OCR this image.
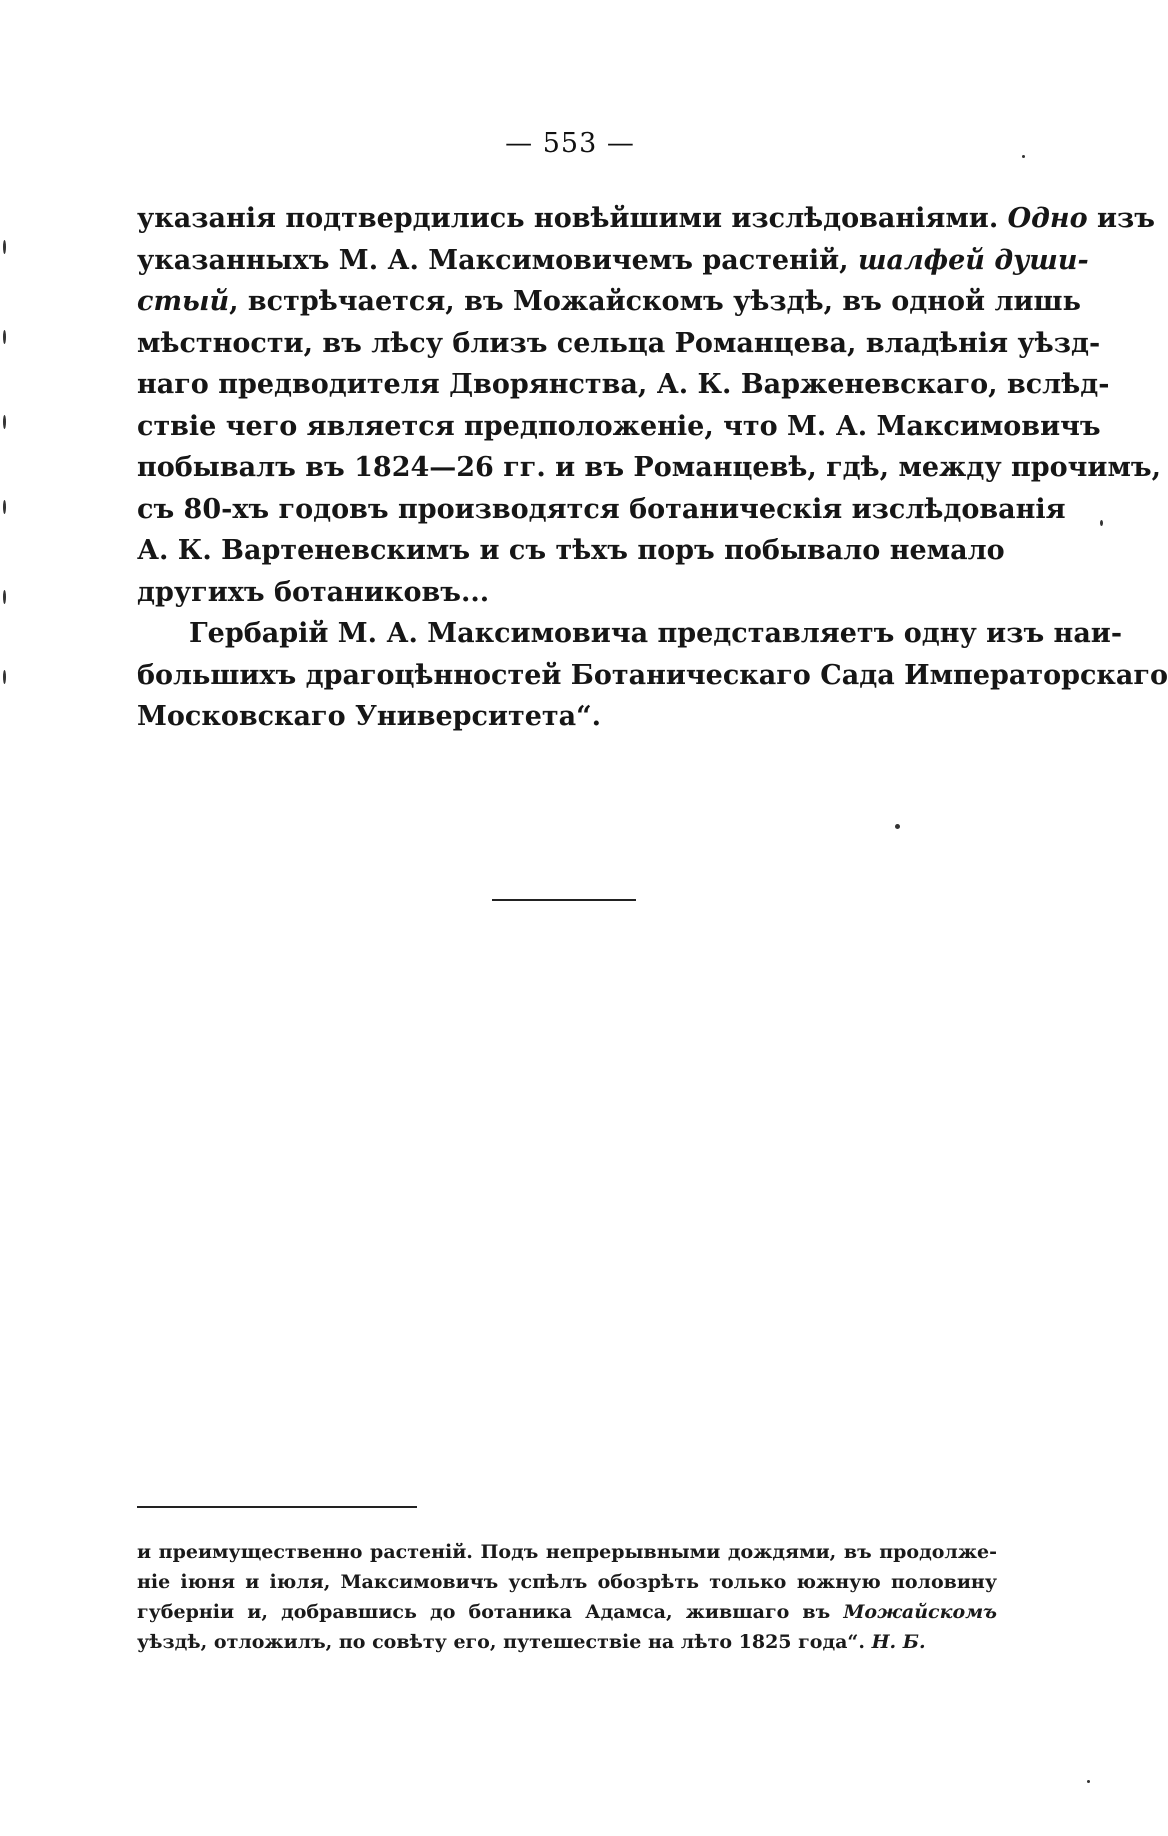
— 553 —

указанія подтвердились новѣйшими изслѣдованіями. Одно изъ
указанныхъ М. А. Максимовичемъ растеній, шалфей души-
стый, встрѣчается, въ Можайскомъ уѣздѣ, въ одной лишь
мѣстности, въ лѣсу близъ сельца Романцева, владѣнія уѣзд-
наго предводителя Дворянства, А. К. Варженевскаго, вслѣд-
ствіе чего является предположеніе, что М. А. Максимовичъ
побывалъ въ 1824—26 гг. и въ Романцевѣ, гдѣ, между прочимъ,
съ 80-хъ годовъ производятся ботаническія изслѣдованія
А. К. Вартеневскимъ и съ тѣхъ поръ побывало немало
другихъ ботаниковъ...

Гербарій М. А. Максимовича представляетъ одну изъ наи-
большихъ драгоцѣнностей Ботаническаго Сада Императорскаго
Московскаго Университета“.

и преимущественно растеній. Подъ непрерывными дождями, въ продолже-
ніе іюня и іюля, Максимовичъ успѣлъ обозрѣть только южную половину
губерніи и, добравшись до ботаника Адамса, жившаго въ Можайскомъ
уѣздѣ, отложилъ, по совѣту его, путешествіе на лѣто 1825 года“. Н. Б.
